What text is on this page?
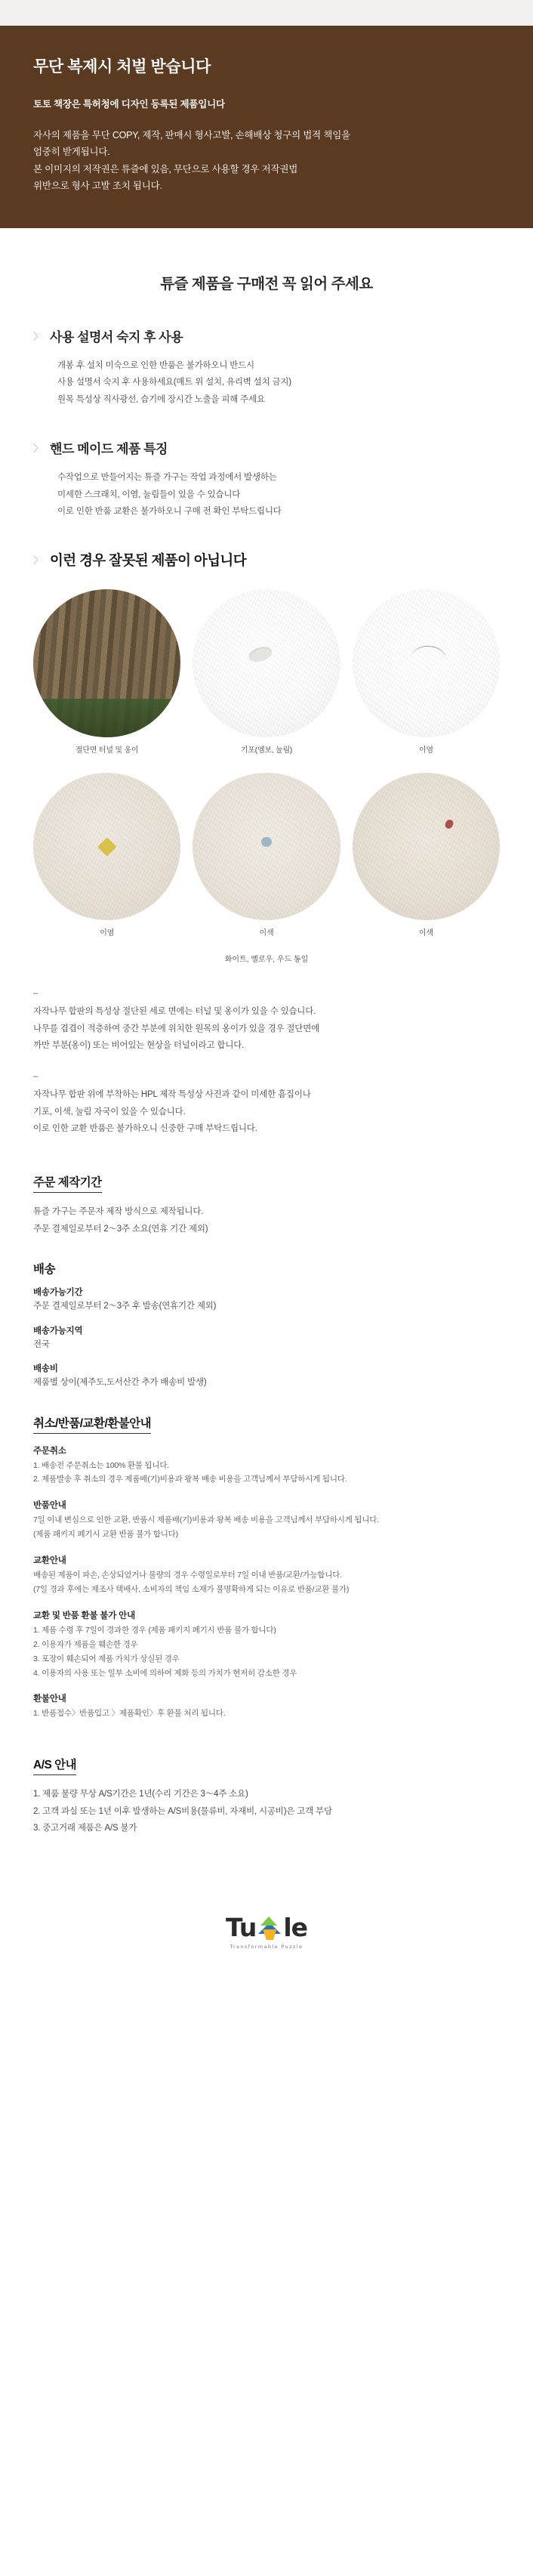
무단 복제시 처벌 받습니다
토토 책장은 특허청에 디자인 등록된 제품입니다
자사의 제품을 무단 COPY, 제작, 판매시 형사고발, 손해배상 청구의 법적 책임을
엄중히 받게됩니다.
본 이미지의 저작권은 튜즐에 있음, 무단으로 사용할 경우 저작권법
위반으로 형사 고발 조치 됩니다.
튜즐 제품을 구매전 꼭 읽어 주세요
〉 사용 설명서 숙지 후 사용
개봉 후 설치 미숙으로 인한 반품은 불가하오니 반드시
사용 설명서 숙지 후 사용하세요(매트 위 설치, 유리벽 설치 금지)
원목 특성상 직사광선, 습기에 장시간 노출을 피해 주세요
〉 핸드 메이드 제품 특징
수작업으로 만들어지는 튜즐 가구는 작업 과정에서 발생하는
미세한 스크래치, 이염, 눌림들이 있을 수 있습니다
이로 인한 반품 교환은 불가하오니 구매 전 확인 부탁드립니다
〉 이런 경우 잘못된 제품이 아닙니다
절단면 터널 및 옹이	기포(엠보, 눌림)	이염
이염	이색	이색
화이트, 옐로우, 우드 동일
–
자작나무 합판의 특성상 절단된 세로 면에는 터널 및 옹이가 있을 수 있습니다.
나무를 겹겹이 적층하여 중간 부분에 위치한 원목의 옹이가 있을 경우 절단면에
까만 부분(옹이) 또는 비어있는 현상을 터널이라고 합니다.
–
자작나무 합판 위에 부착하는 HPL 제작 특성상 사진과 같이 미세한 흠집이나
기포, 이색, 눌림 자국이 있을 수 있습니다.
이로 인한 교환 반품은 불가하오니 신중한 구매 부탁드립니다.
주문 제작기간
튜즐 가구는 주문자 제작 방식으로 제작됩니다.
주문 결제일로부터 2〜3주 소요(연휴 기간 제외)
배송
배송가능기간
주문 결제일로부터 2〜3주 후 발송(연휴기간 제외)
배송가능지역
전국
배송비
제품별 상이(제주도,도서산간 추가 배송비 발생)
취소/반품/교환/환불안내
주문취소
1. 배송전 주문취소는 100% 환불 됩니다.
2. 제품발송 후 취소의 경우 제품배(기)비용과 왕복 배송 비용을 고객님께서 부담하시게 됩니다.
반품안내
7일 이내 변심으로 인한 교환, 반품시 제품배(기)비용과 왕복 배송 비용을 고객님께서 부담하시게 됩니다.
(제품 패키지 폐기시 교환 반품 불가 합니다)
교환안내
배송된 제품이 파손, 손상되었거나 불량의 경우 수령일로부터 7일 이내 반품/교환/가능합니다.
(7일 경과 후에는 제조사 택배사, 소비자의 책임 소재가 불명확하게 되는 이유로 반품/교환 불가)
교환 및 반품 환불 불가 안내
1. 제품 수령 후 7일이 경과한 경우 (제품 패키지 폐기시 반품 불가 합니다)
2. 이용자가 제품을 훼손한 경우
3. 포장이 훼손되어 제품 가치가 상실된 경우
4. 이용자의 사용 또는 일부 소비에 의하여 제화 등의 가치가 현저히 감소한 경우
환불안내
1. 반품접수〉반품입고 〉제품확인〉후 환불 처리 됩니다.
A/S 안내
1. 제품 불량 무상 A/S기간은 1년(수리 기간은 3〜4주 소요)
2. 고객 과실 또는 1년 이후 발생하는 A/S비용(물류비, 자재비, 시공비)은 고객 부담
3. 중고거래 제품은 A/S 불가
Tu le
Transformable Puzzle
